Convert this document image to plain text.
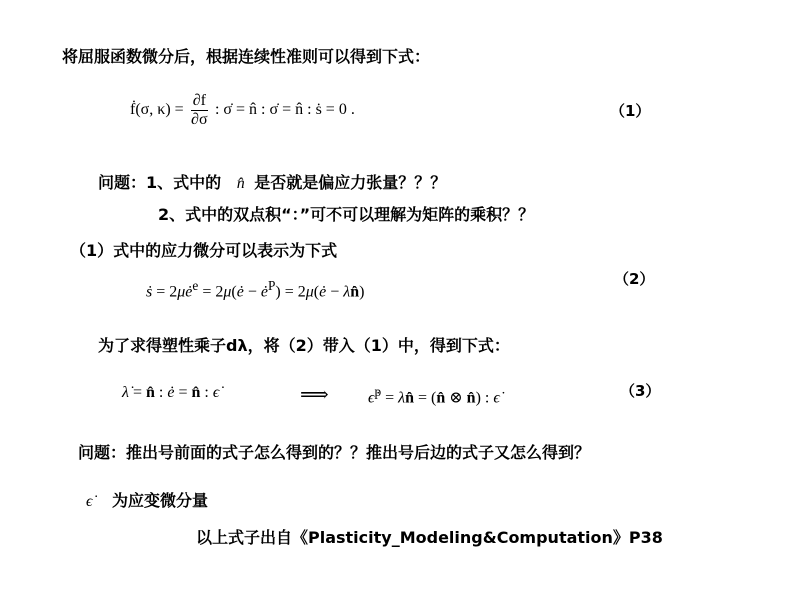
将屈服函数微分后，根据连续性准则可以得到下式：
ḟ(σ, $\kappa) = \frac{\partial f}{\partial\sigma}$ : σ̇ = n̂ : σ̇ = n̂ : ṡ = 0 .	（1）
问题：1、式中的 n̂ 是否就是偏应力张量？？？
2、式中的双点积“：”可不可以理解为矩阵的乘积？？
（1）式中的应力微分可以表示为下式
ṡ = $2\mu ė^e$ = 2μ(ė − $ė^P$) = 2μ(ė − λ̇n̂)
（2）
为了求得塑性乘子dλ，将（2）带入（1）中，得到下式：
λ̇ = n̂ : ė = n̂ : ϵ̇	⟹ ϵ̇$^p$ = λ̇n̂ = (n̂ ⊗ n̂) : ϵ̇	（3）
问题：推出号前面的式子怎么得到的？？推出号后边的式子又怎么得到？
ϵ̇ 为应变微分量
以上式子出自《Plasticity_Modeling&Computation》P38
